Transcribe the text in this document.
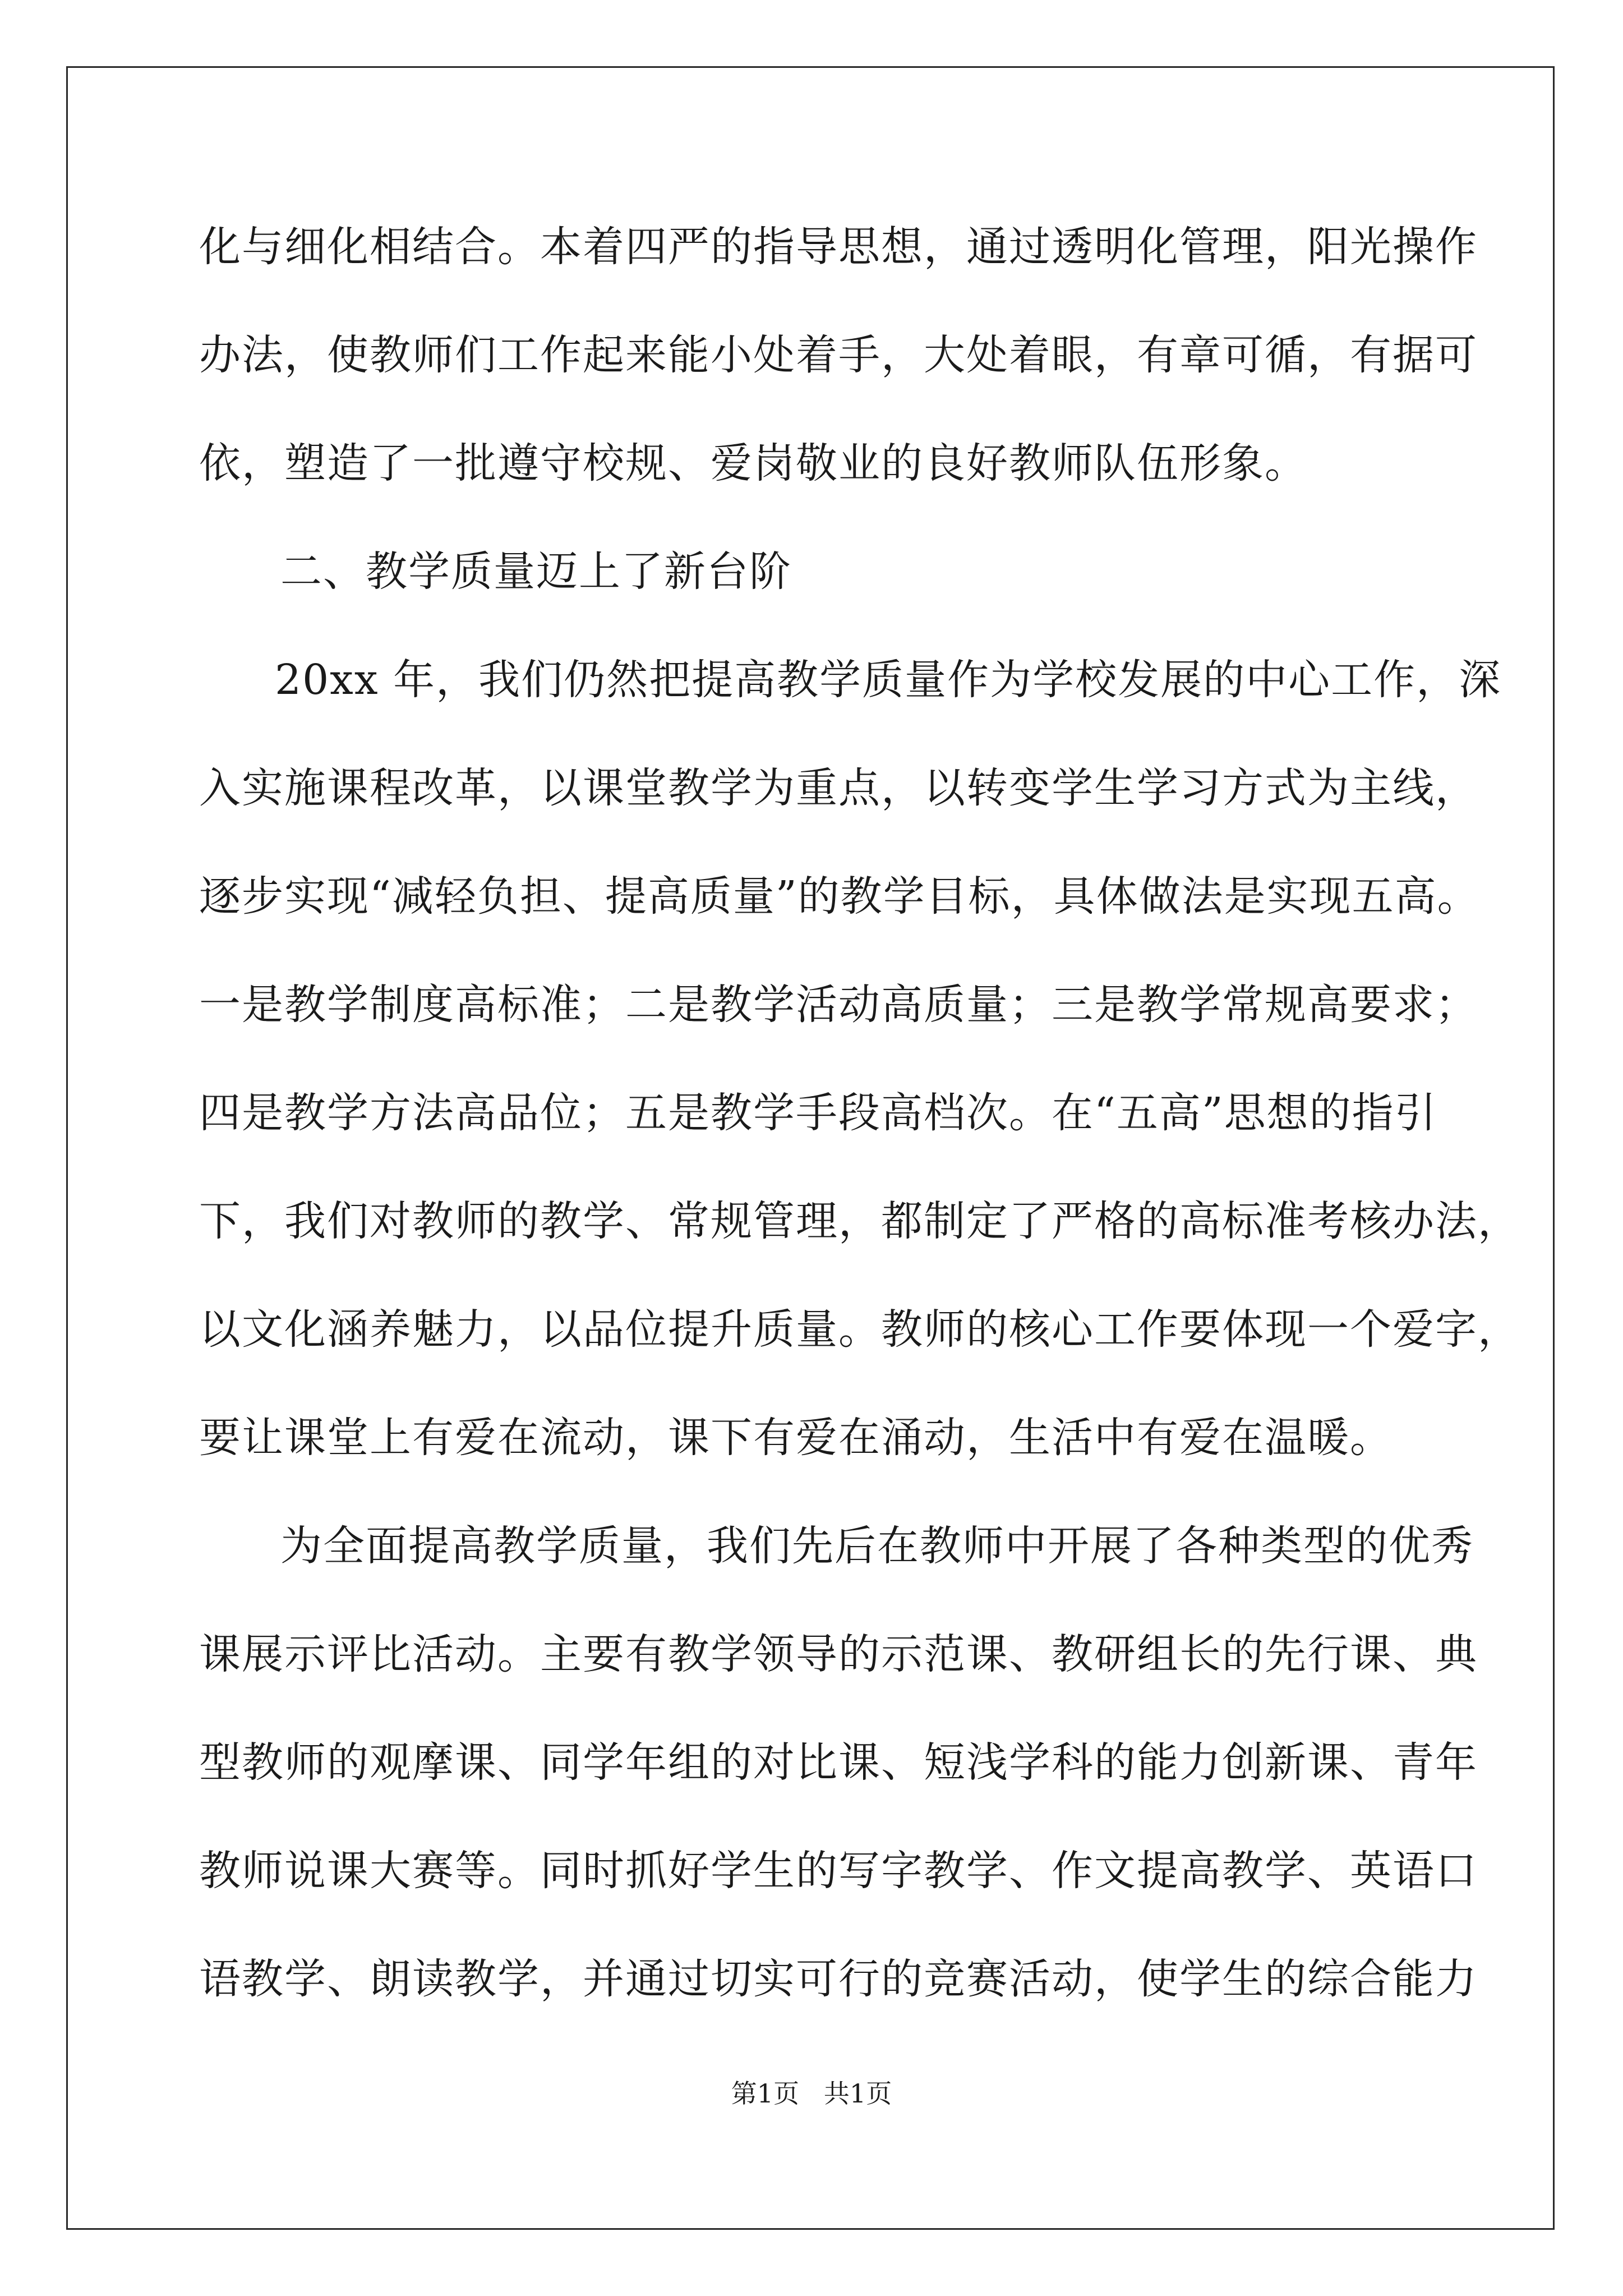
化与细化相结合。本着四严的指导思想，通过透明化管理，阳光操作
办法，使教师们工作起来能小处着手，大处着眼，有章可循，有据可
依，塑造了一批遵守校规、爱岗敬业的良好教师队伍形象。
二、教学质量迈上了新台阶
20xx 年，我们仍然把提高教学质量作为学校发展的中心工作，深
入实施课程改革，以课堂教学为重点，以转变学生学习方式为主线，
逐步实现“减轻负担、提高质量”的教学目标，具体做法是实现五高。
一是教学制度高标准；二是教学活动高质量；三是教学常规高要求；
四是教学方法高品位；五是教学手段高档次。在“五高”思想的指引
下，我们对教师的教学、常规管理，都制定了严格的高标准考核办法，
以文化涵养魅力，以品位提升质量。教师的核心工作要体现一个爱字，
要让课堂上有爱在流动，课下有爱在涌动，生活中有爱在温暖。
为全面提高教学质量，我们先后在教师中开展了各种类型的优秀
课展示评比活动。主要有教学领导的示范课、教研组长的先行课、典
型教师的观摩课、同学年组的对比课、短浅学科的能力创新课、青年
教师说课大赛等。同时抓好学生的写字教学、作文提高教学、英语口
语教学、朗读教学，并通过切实可行的竞赛活动，使学生的综合能力
第1页   共1页
